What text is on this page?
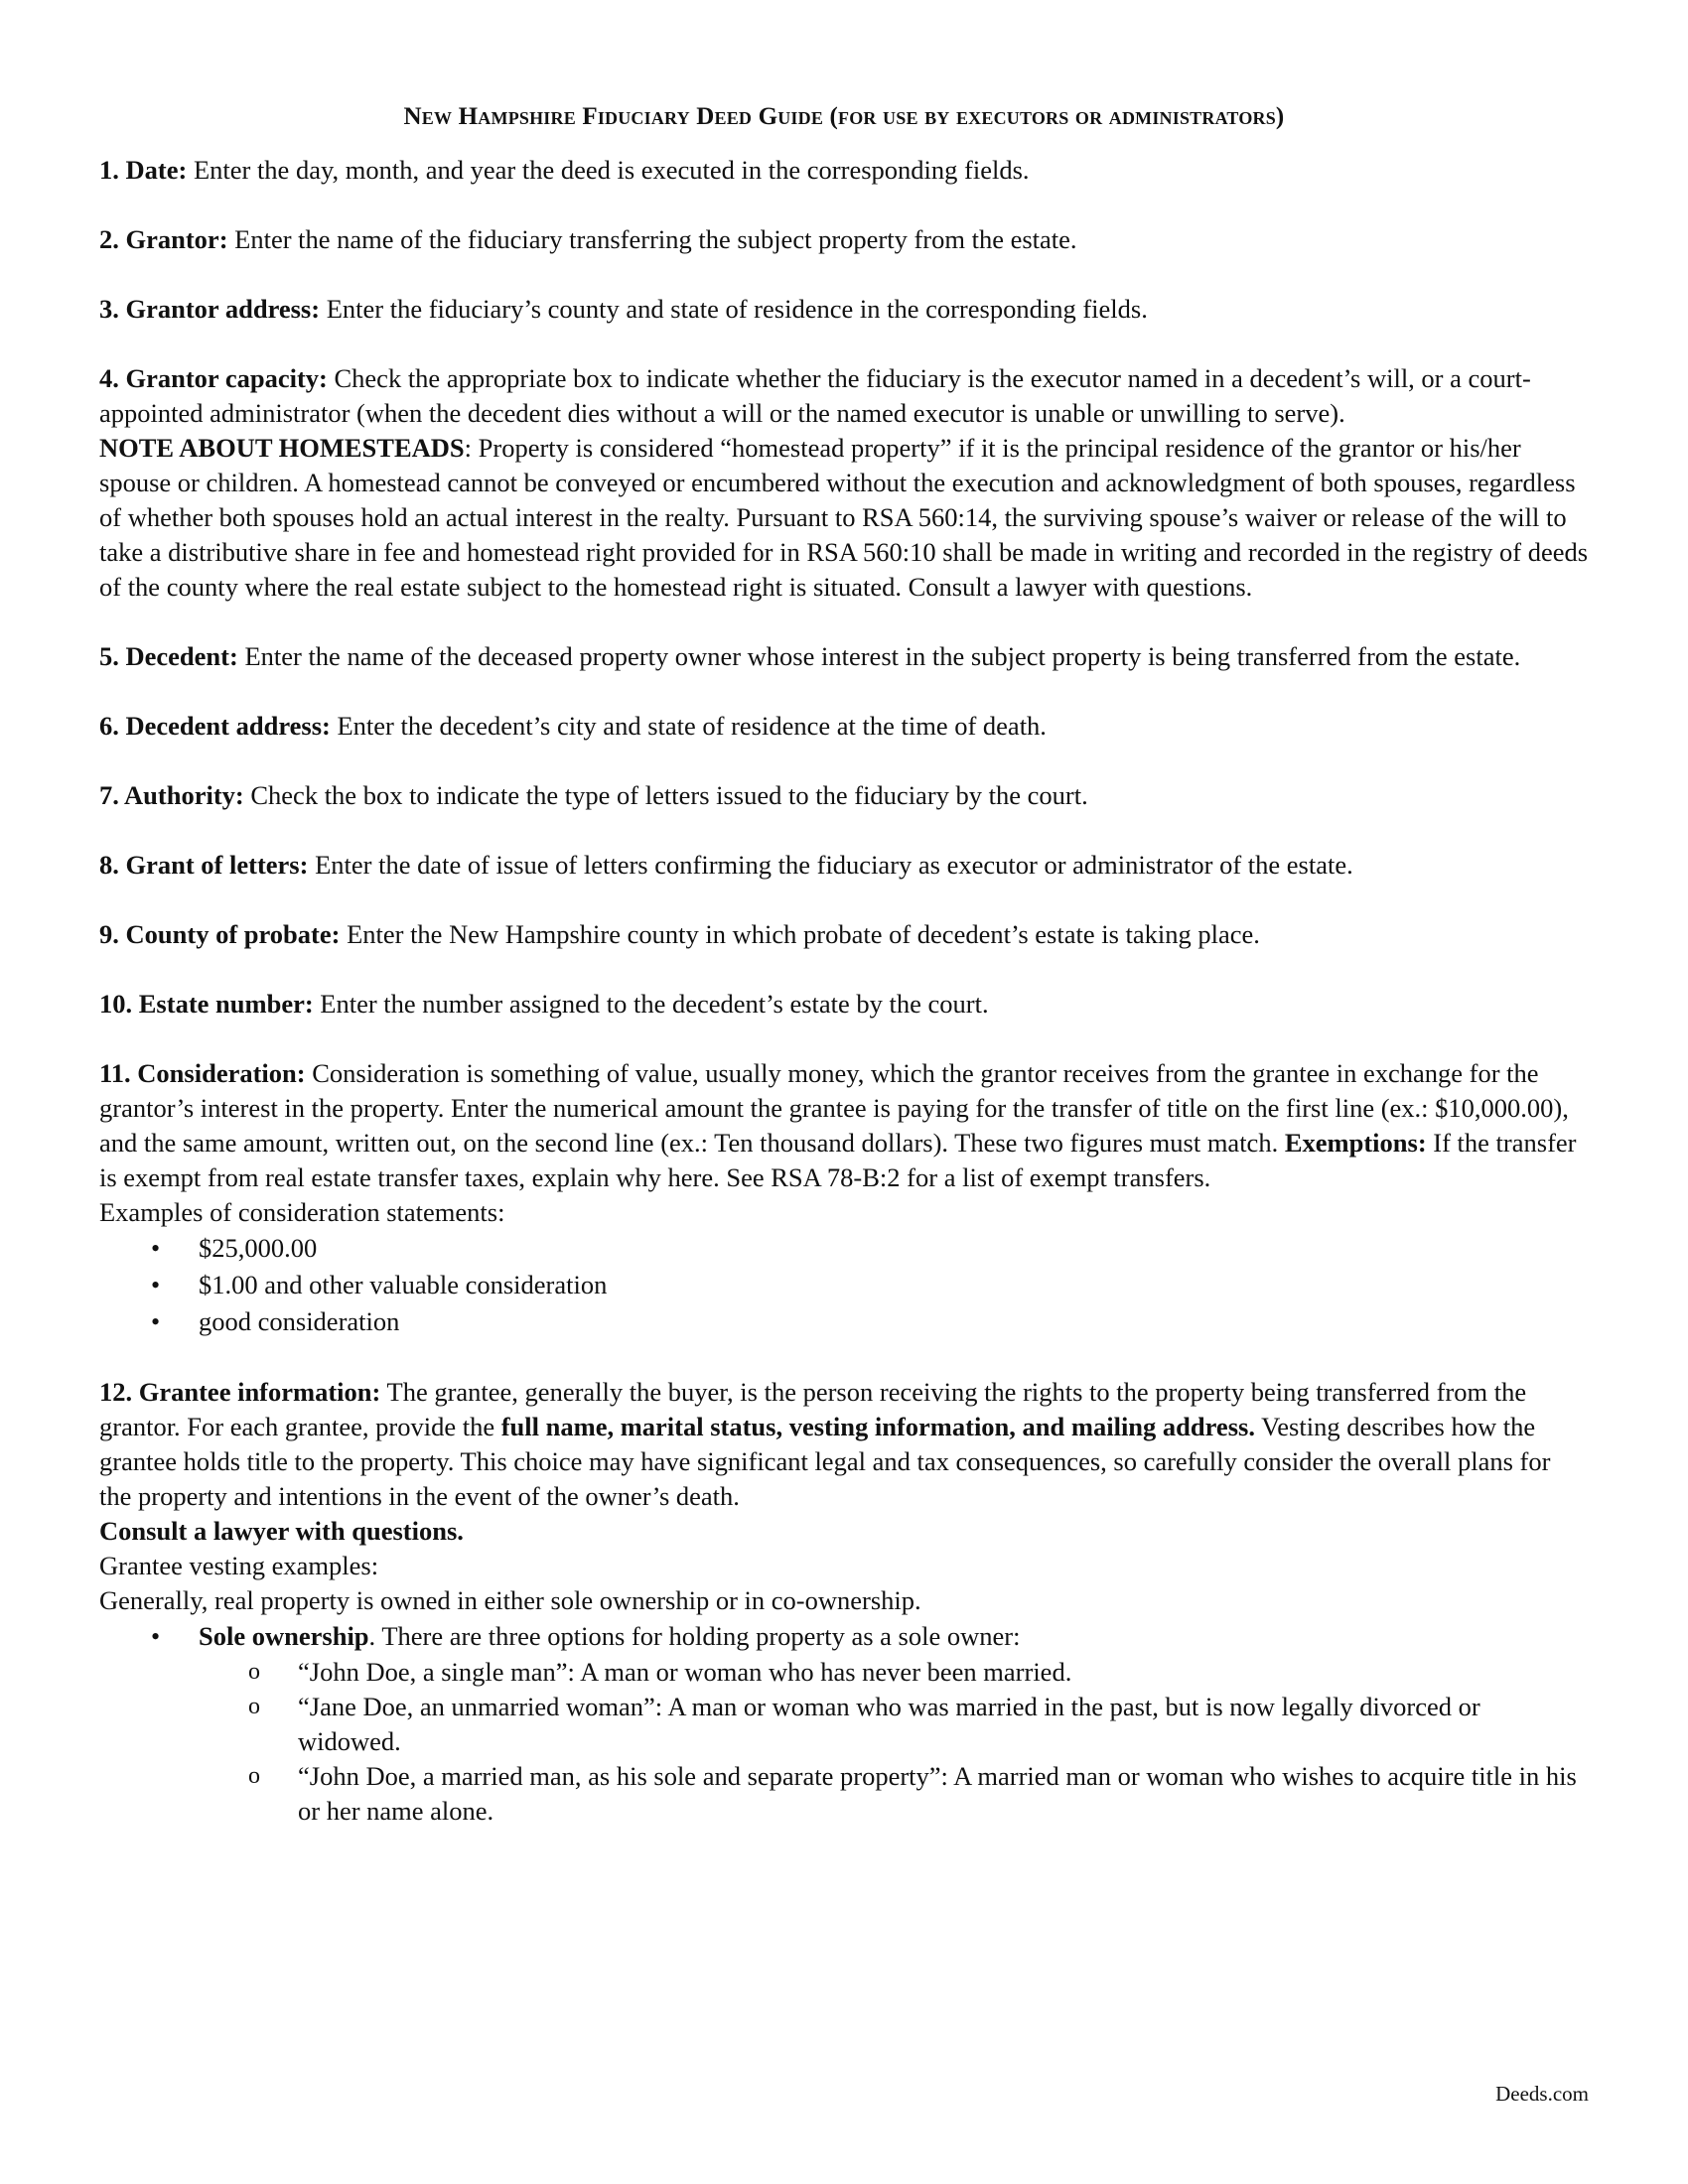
New Hampshire Fiduciary Deed Guide (for use by executors or administrators)

1. Date: Enter the day, month, and year the deed is executed in the corresponding fields.

2. Grantor: Enter the name of the fiduciary transferring the subject property from the estate.

3. Grantor address: Enter the fiduciary’s county and state of residence in the corresponding fields.

4. Grantor capacity: Check the appropriate box to indicate whether the fiduciary is the executor named in a decedent’s will, or a court-appointed administrator (when the decedent dies without a will or the named executor is unable or unwilling to serve).

NOTE ABOUT HOMESTEADS: Property is considered “homestead property” if it is the principal residence of the grantor or his/her spouse or children. A homestead cannot be conveyed or encumbered without the execution and acknowledgment of both spouses, regardless of whether both spouses hold an actual interest in the realty. Pursuant to RSA 560:14, the surviving spouse’s waiver or release of the will to take a distributive share in fee and homestead right provided for in RSA 560:10 shall be made in writing and recorded in the registry of deeds of the county where the real estate subject to the homestead right is situated. Consult a lawyer with questions.

5. Decedent: Enter the name of the deceased property owner whose interest in the subject property is being transferred from the estate.

6. Decedent address: Enter the decedent’s city and state of residence at the time of death.

7. Authority: Check the box to indicate the type of letters issued to the fiduciary by the court.

8. Grant of letters: Enter the date of issue of letters confirming the fiduciary as executor or administrator of the estate.

9. County of probate: Enter the New Hampshire county in which probate of decedent’s estate is taking place.

10. Estate number: Enter the number assigned to the decedent’s estate by the court.

11. Consideration: Consideration is something of value, usually money, which the grantor receives from the grantee in exchange for the grantor’s interest in the property. Enter the numerical amount the grantee is paying for the transfer of title on the first line (ex.: $10,000.00), and the same amount, written out, on the second line (ex.: Ten thousand dollars). These two figures must match. Exemptions: If the transfer is exempt from real estate transfer taxes, explain why here. See RSA 78-B:2 for a list of exempt transfers.

Examples of consideration statements:

• $25,000.00
• $1.00 and other valuable consideration
• good consideration

12. Grantee information: The grantee, generally the buyer, is the person receiving the rights to the property being transferred from the grantor. For each grantee, provide the full name, marital status, vesting information, and mailing address. Vesting describes how the grantee holds title to the property. This choice may have significant legal and tax consequences, so carefully consider the overall plans for the property and intentions in the event of the owner’s death.
Consult a lawyer with questions.

Grantee vesting examples:

Generally, real property is owned in either sole ownership or in co-ownership.

• Sole ownership. There are three options for holding property as a sole owner:
o “John Doe, a single man”: A man or woman who has never been married.
o “Jane Doe, an unmarried woman”: A man or woman who was married in the past, but is now legally divorced or widowed.
o “John Doe, a married man, as his sole and separate property”: A married man or woman who wishes to acquire title in his or her name alone.
Deeds.com
